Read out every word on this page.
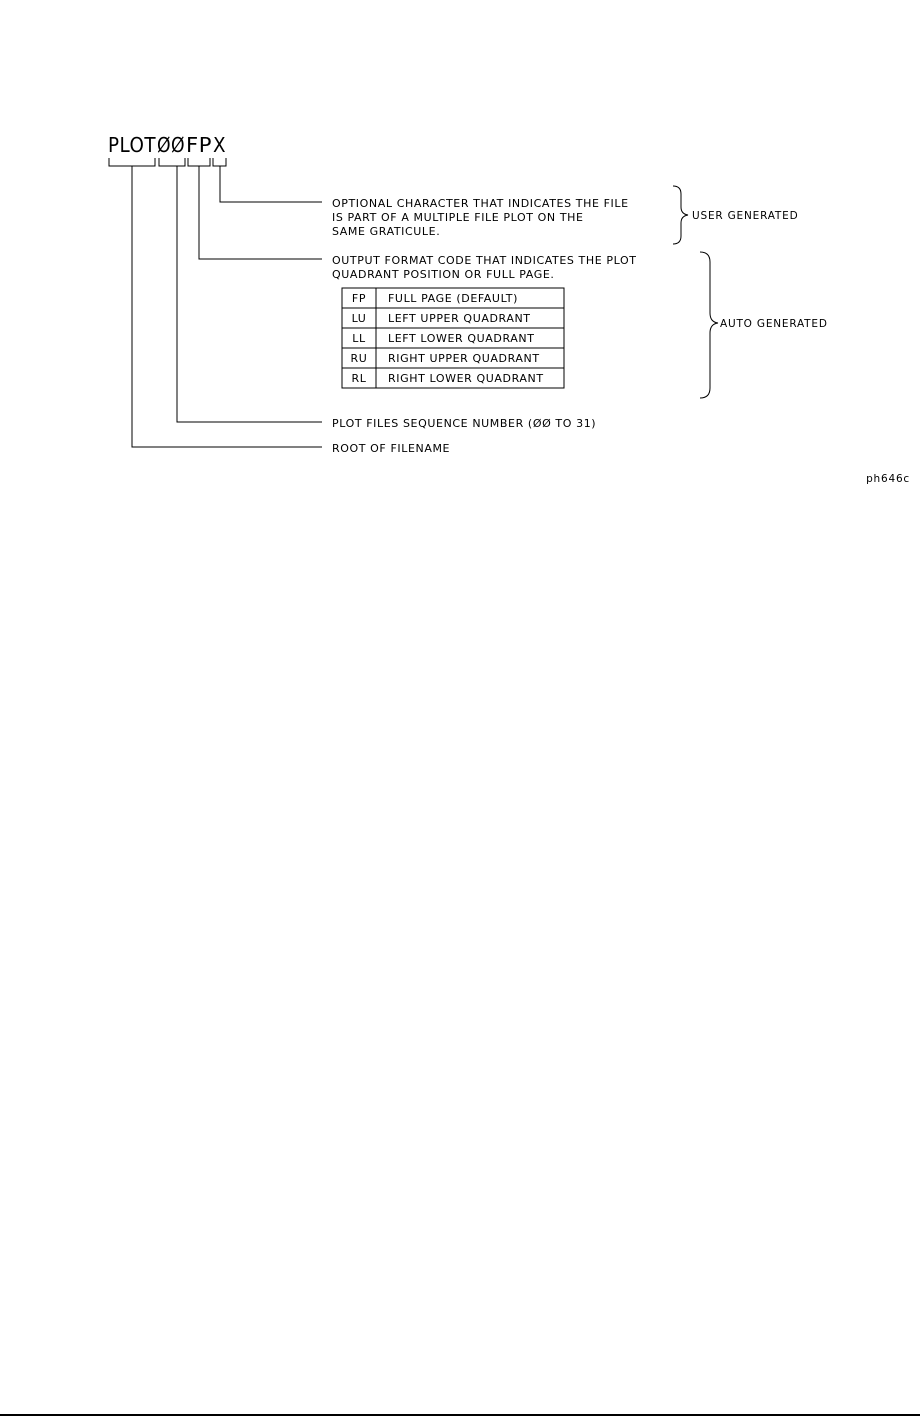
PLOT ØØ FP X
OPTIONAL CHARACTER THAT INDICATES THE FILE
IS PART OF A MULTIPLE FILE PLOT ON THE
SAME GRATICULE.
OUTPUT FORMAT CODE THAT INDICATES THE PLOT
QUADRANT POSITION OR FULL PAGE.
FP FULL PAGE (DEFAULT)
LU LEFT UPPER QUADRANT
LL LEFT LOWER QUADRANT
RU RIGHT UPPER QUADRANT
RL RIGHT LOWER QUADRANT
PLOT FILES SEQUENCE NUMBER (ØØ TO 31)
ROOT OF FILENAME
USER GENERATED
AUTO GENERATED
ph646c
